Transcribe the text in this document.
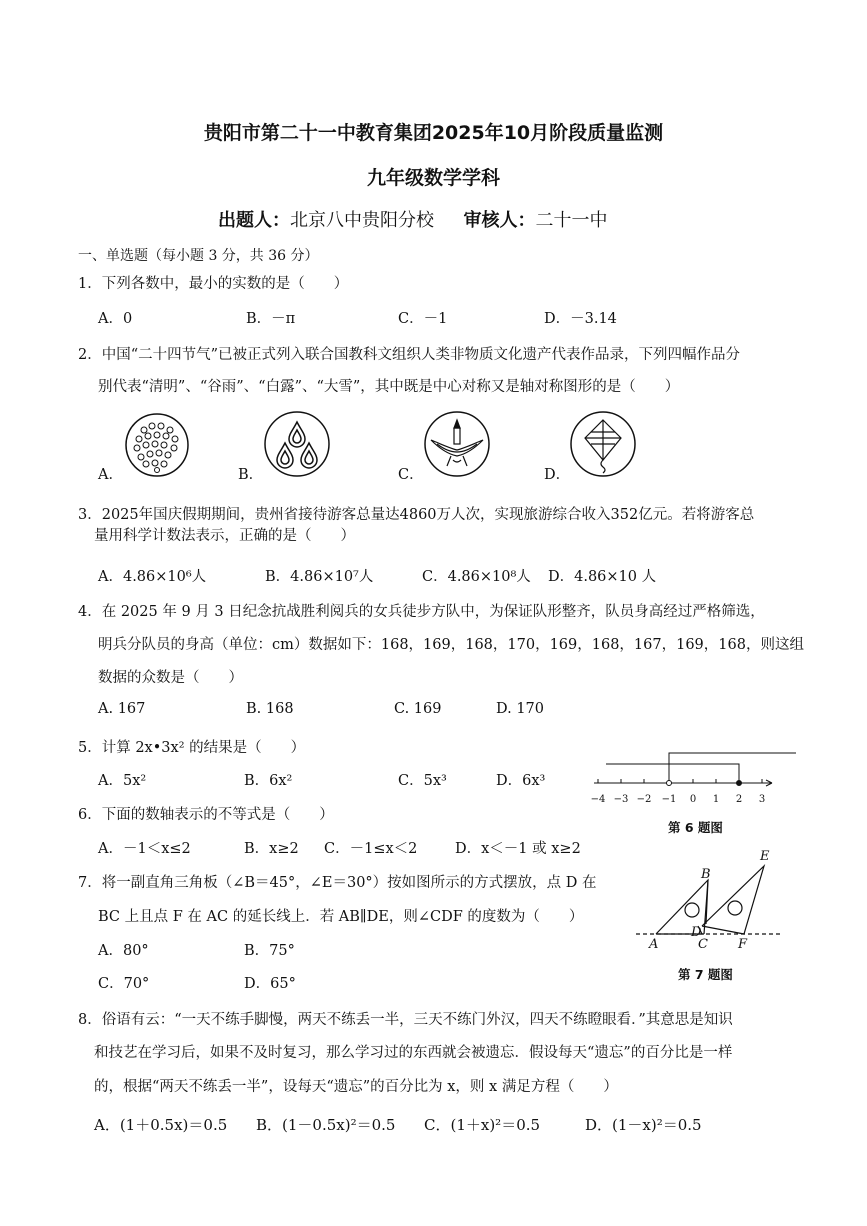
贵阳市第二十一中教育集团2025年10月阶段质量监测
九年级数学学科
出题人：北京八中贵阳分校 审核人：二十一中
一、单选题（每小题 3 分，共 36 分）
1．下列各数中，最小的实数的是（　　）
A．0	B．－π	C．－1	D．－3.14
2．中国“二十四节气”已被正式列入联合国教科文组织人类非物质文化遗产代表作品录，下列四幅作品分
别代表“清明”、“谷雨”、“白露”、“大雪”，其中既是中心对称又是轴对称图形的是（　　）
A．	B．	C．	D．
3．2025年国庆假期期间，贵州省接待游客总量达4860万人次，实现旅游综合收入352亿元。若将游客总
量用科学计数法表示，正确的是（　　）
A．4.86×10⁶人	B．4.86×10⁷人	C．4.86×10⁸人 D．4.86×10 人
4．在 2025 年 9 月 3 日纪念抗战胜利阅兵的女兵徒步方队中，为保证队形整齐，队员身高经过严格筛选，
明兵分队员的身高（单位：cm）数据如下：168，169，168，170，169，168，167，169，168，则这组
数据的众数是（　　）
A. 167	B. 168	C. 169	D. 170
5．计算 2x•3x² 的结果是（　　）
A．5x²	B．6x²	C．5x³	D．6x³
−4 −3 −2 −1 0 1 2 3
第 6 题图
6．下面的数轴表示的不等式是（　　）
A．－1＜x≤2	B．x≥2 C．－1≤x＜2	D．x＜－1 或 x≥2
7．将一副直角三角板（∠B＝45°，∠E＝30°）按如图所示的方式摆放，点 D 在
BC 上且点 F 在 AC 的延长线上．若 AB∥DE，则∠CDF 的度数为（　　）
A．80°	B．75°
C．70°	D．65°
A
B
C
D
E
F
第 7 题图
8．俗语有云：“一天不练手脚慢，两天不练丢一半，三天不练门外汉，四天不练瞪眼看．”其意思是知识
和技艺在学习后，如果不及时复习，那么学习过的东西就会被遗忘．假设每天“遗忘”的百分比是一样
的，根据“两天不练丢一半”，设每天“遗忘”的百分比为 x，则 x 满足方程（　　）
A．(1＋0.5x)＝0.5 B．(1－0.5x)²＝0.5 C．(1＋x)²＝0.5	D．(1－x)²＝0.5
